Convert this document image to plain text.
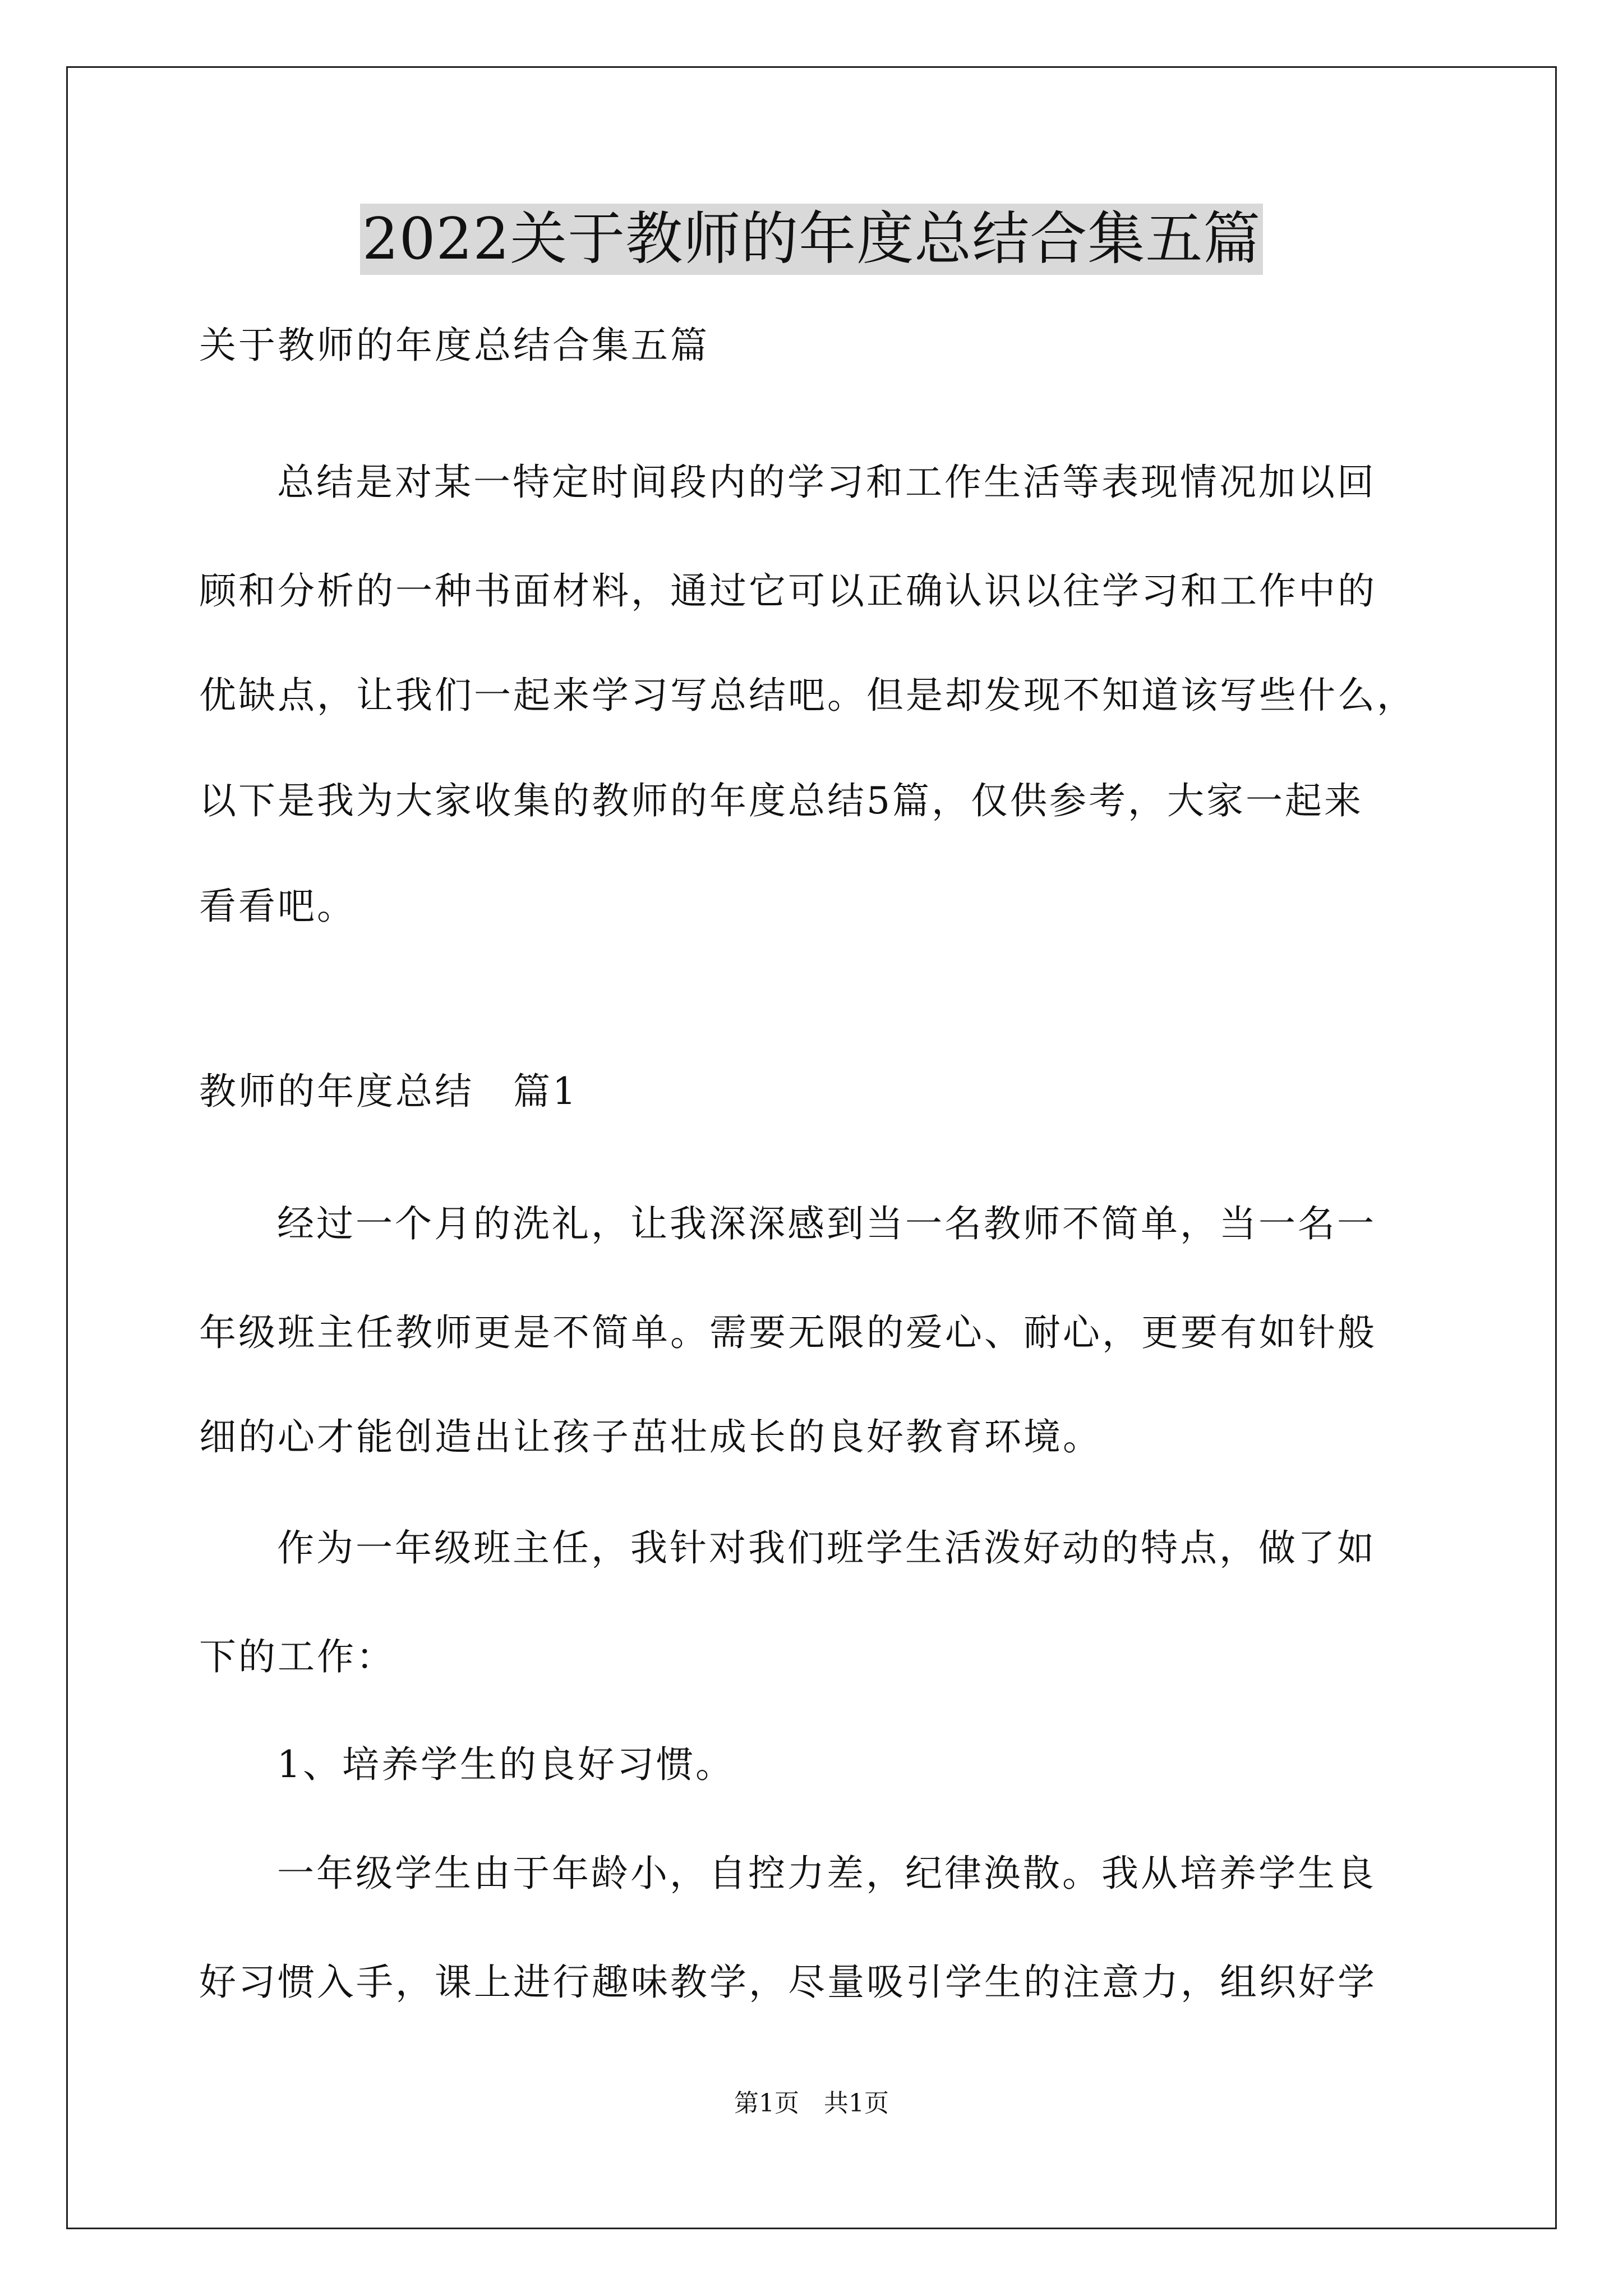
2022关于教师的年度总结合集五篇
关于教师的年度总结合集五篇
总结是对某一特定时间段内的学习和工作生活等表现情况加以回
顾和分析的一种书面材料，通过它可以正确认识以往学习和工作中的
优缺点，让我们一起来学习写总结吧。但是却发现不知道该写些什么，
以下是我为大家收集的教师的年度总结5篇，仅供参考，大家一起来
看看吧。
教师的年度总结　篇1
经过一个月的洗礼，让我深深感到当一名教师不简单，当一名一
年级班主任教师更是不简单。需要无限的爱心、耐心，更要有如针般
细的心才能创造出让孩子茁壮成长的良好教育环境。
作为一年级班主任，我针对我们班学生活泼好动的特点，做了如
下的工作：
1、培养学生的良好习惯。
一年级学生由于年龄小，自控力差，纪律涣散。我从培养学生良
好习惯入手，课上进行趣味教学，尽量吸引学生的注意力，组织好学
第1页　共1页
